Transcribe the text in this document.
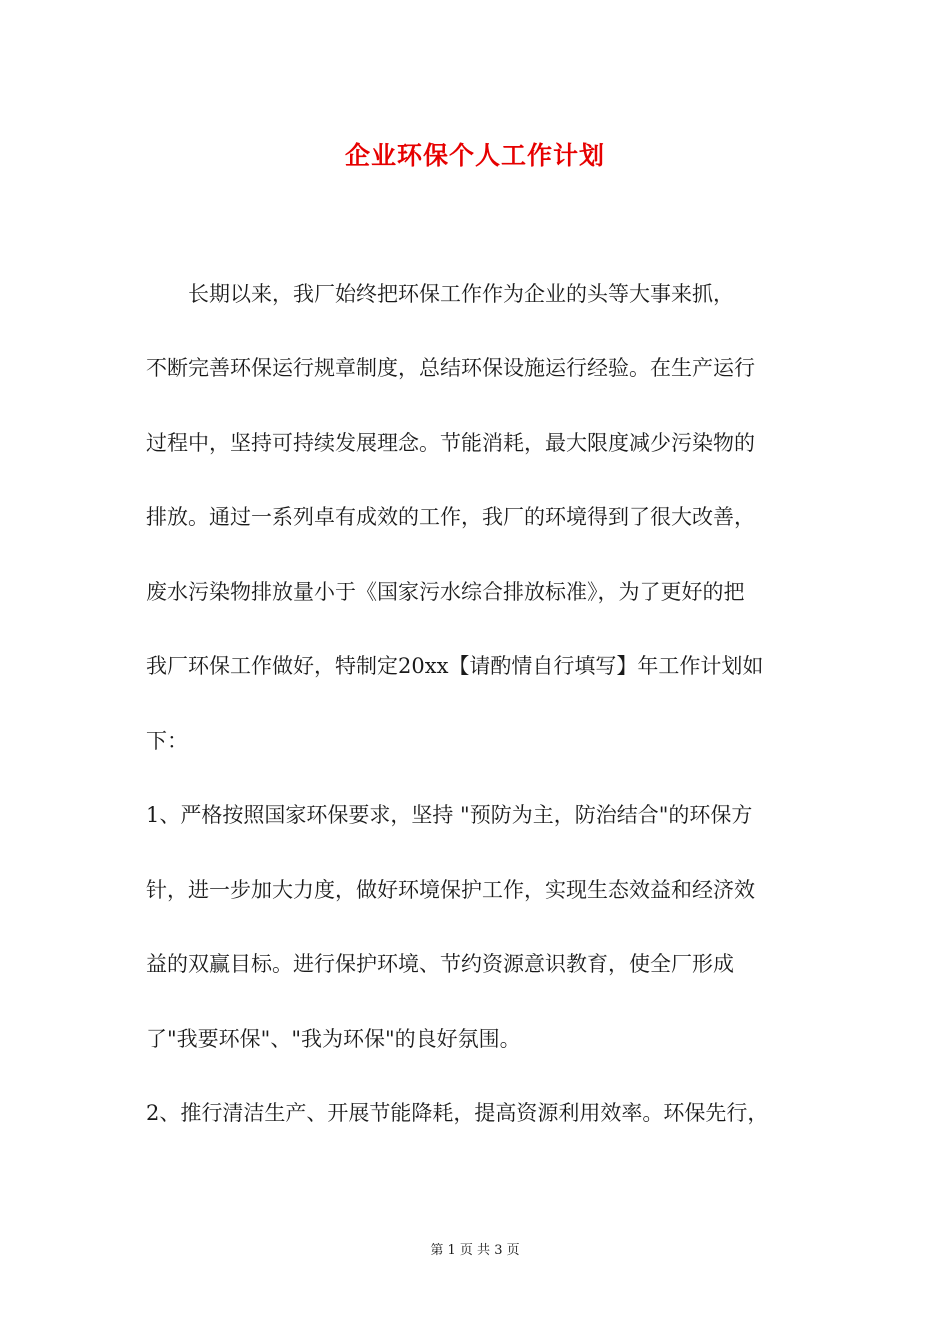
企业环保个人工作计划

　　长期以来，我厂始终把环保工作作为企业的头等大事来抓，

不断完善环保运行规章制度，总结环保设施运行经验。在生产运行

过程中，坚持可持续发展理念。节能消耗，最大限度减少污染物的

排放。通过一系列卓有成效的工作，我厂的环境得到了很大改善，

废水污染物排放量小于《国家污水综合排放标准》，为了更好的把

我厂环保工作做好，特制定20xx【请酌情自行填写】年工作计划如

下：

1、严格按照国家环保要求，坚持 "预防为主，防治结合"的环保方

针，进一步加大力度，做好环境保护工作，实现生态效益和经济效

益的双赢目标。进行保护环境、节约资源意识教育，使全厂形成

了"我要环保"、"我为环保"的良好氛围。

2、推行清洁生产、开展节能降耗，提高资源利用效率。环保先行，

第 1 页 共 3 页
